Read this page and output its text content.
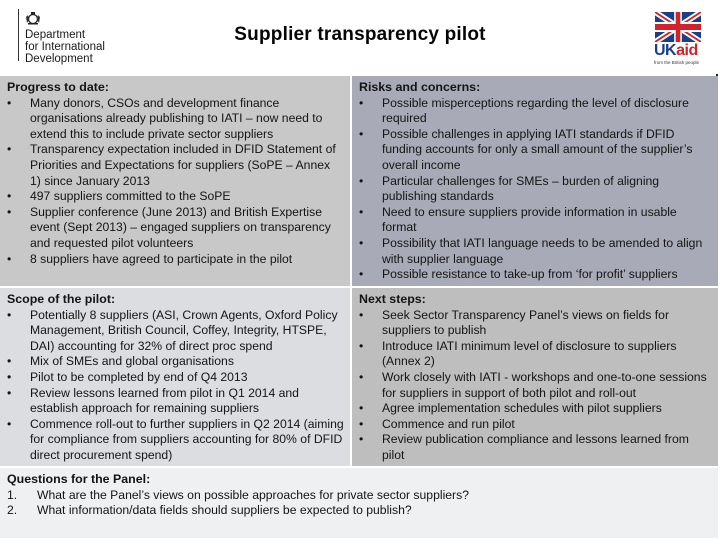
Department
for International
Development
Supplier transparency pilot
UKaid
from the British people
Progress to date:
•	Many donors, CSOs and development finance organisations already publishing to IATI – now need to extend this to include private sector suppliers
•	Transparency expectation included in DFID Statement of Priorities and Expectations for suppliers (SoPE – Annex 1) since January 2013
•	497 suppliers committed to the SoPE
•	Supplier conference (June 2013) and British Expertise event (Sept 2013) – engaged suppliers on transparency and requested pilot volunteers
•	8 suppliers have agreed to participate in the pilot
Risks and concerns:
•	Possible misperceptions regarding the level of disclosure required
•	Possible challenges in applying IATI standards if DFID funding accounts for only a small amount of the supplier’s overall income
•	Particular challenges for SMEs – burden of aligning publishing standards
•	Need to ensure suppliers provide information in usable format
•	Possibility that IATI language needs to be amended to align with supplier language
•	Possible resistance to take-up from ‘for profit’ suppliers
Scope of the pilot:
•	Potentially 8 suppliers (ASI, Crown Agents, Oxford Policy Management, British Council, Coffey, Integrity, HTSPE, DAI) accounting for 32% of direct proc spend
•	Mix of SMEs and global organisations
•	Pilot to be completed by end of Q4 2013
•	Review lessons learned from pilot in Q1 2014 and establish approach for remaining suppliers
•	Commence roll-out to further suppliers in Q2 2014 (aiming for compliance from suppliers accounting for 80% of DFID direct procurement spend)
Next steps:
•	Seek Sector Transparency Panel’s views on fields for suppliers to publish
•	Introduce IATI minimum level of disclosure to suppliers (Annex 2)
•	Work closely with IATI - workshops and one-to-one sessions for suppliers in support of both pilot and roll-out
•	Agree implementation schedules with pilot suppliers
•	Commence and run pilot
•	Review publication compliance and lessons learned from pilot
Questions for the Panel:
1.	What are the Panel’s views on possible approaches for private sector suppliers?
2.	What information/data fields should suppliers be expected to publish?
